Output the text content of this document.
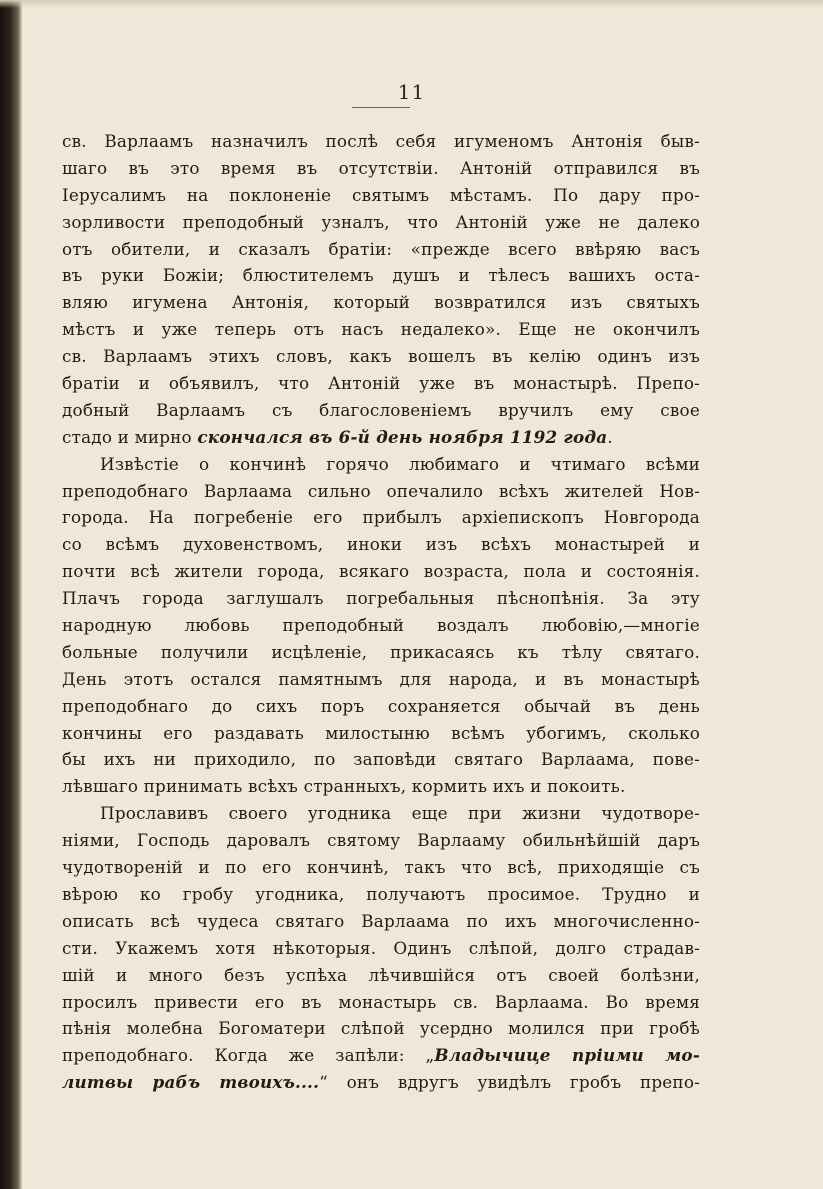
11
св. Варлаамъ назначилъ послѣ себя игуменомъ Антонія быв-
шаго въ это время въ отсутствіи. Антоній отправился въ
Іерусалимъ на поклоненіе святымъ мѣстамъ. По дару про-
зорливости преподобный узналъ, что Антоній уже не далеко
отъ обители, и сказалъ братіи: «прежде всего ввѣряю васъ
въ руки Божіи; блюстителемъ душъ и тѣлесъ вашихъ оста-
вляю игумена Антонія, который возвратился изъ святыхъ
мѣстъ и уже теперь отъ насъ недалеко». Еще не окончилъ
св. Варлаамъ этихъ словъ, какъ вошелъ въ келію одинъ изъ
братіи и объявилъ, что Антоній уже въ монастырѣ. Препо-
добный Варлаамъ съ благословеніемъ вручилъ ему свое
стадо и мирно скончался въ 6-й день ноября 1192 года.
Извѣстіе о кончинѣ горячо любимаго и чтимаго всѣми
преподобнаго Варлаама сильно опечалило всѣхъ жителей Нов-
города. На погребеніе его прибылъ архіепископъ Новгорода
со всѣмъ духовенствомъ, иноки изъ всѣхъ монастырей и
почти всѣ жители города, всякаго возраста, пола и состоянія.
Плачъ города заглушалъ погребальныя пѣснопѣнія. За эту
народную любовь преподобный воздалъ любовію,—многіе
больные получили исцѣленіе, прикасаясь къ тѣлу святаго.
День этотъ остался памятнымъ для народа, и въ монастырѣ
преподобнаго до сихъ поръ сохраняется обычай въ день
кончины его раздавать милостыню всѣмъ убогимъ, сколько
бы ихъ ни приходило, по заповѣди святаго Варлаама, пове-
лѣвшаго принимать всѣхъ странныхъ, кормить ихъ и покоить.
Прославивъ своего угодника еще при жизни чудотворе-
ніями, Господь даровалъ святому Варлааму обильнѣйшій даръ
чудотвореній и по его кончинѣ, такъ что всѣ, приходящіе съ
вѣрою ко гробу угодника, получаютъ просимое. Трудно и
описать всѣ чудеса святаго Варлаама по ихъ многочисленно-
сти. Укажемъ хотя нѣкоторыя. Одинъ слѣпой, долго страдав-
шій и много безъ успѣха лѣчившійся отъ своей болѣзни,
просилъ привести его въ монастырь св. Варлаама. Во время
пѣнія молебна Богоматери слѣпой усердно молился при гробѣ
преподобнаго. Когда же запѣли: „Владычице пріими мо-
литвы рабъ твоихъ....“ онъ вдругъ увидѣлъ гробъ препо-
